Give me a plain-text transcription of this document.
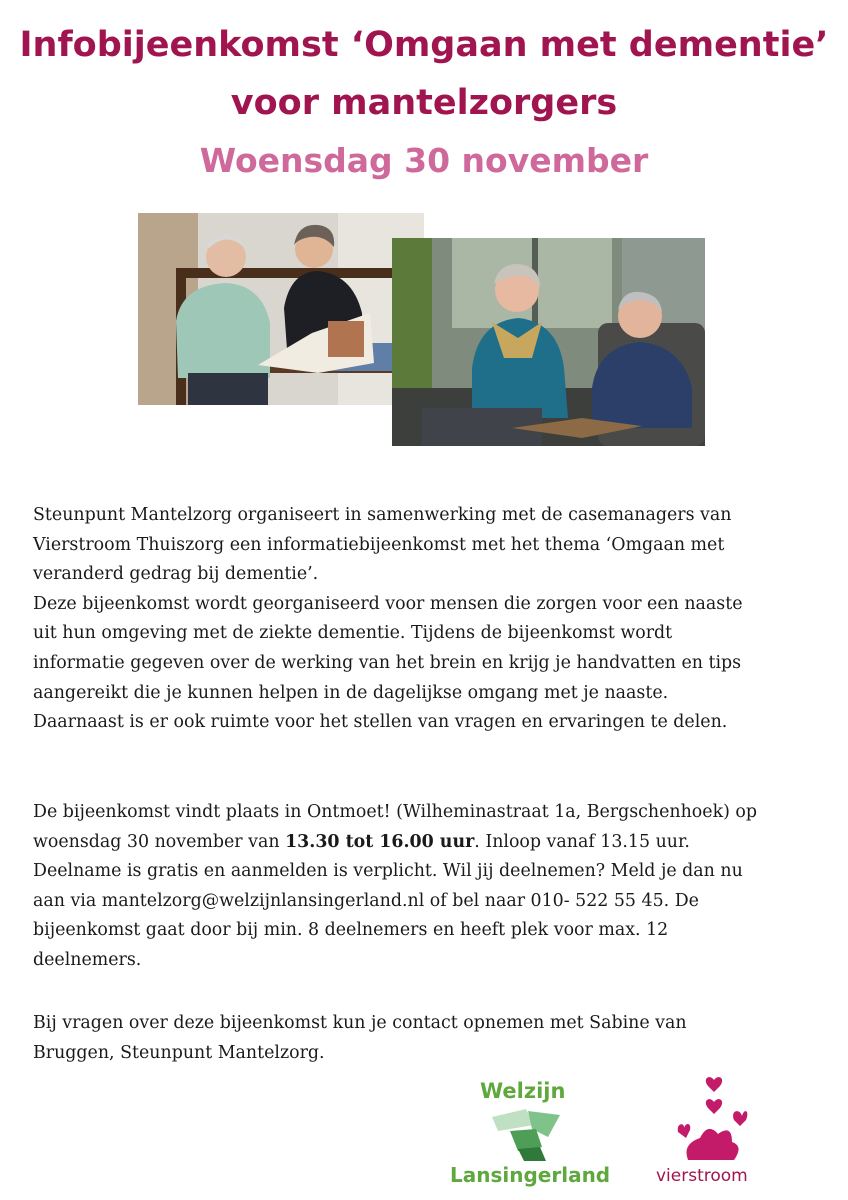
Infobijeenkomst ‘Omgaan met dementie’
voor mantelzorgers
Woensdag 30 november
Steunpunt Mantelzorg organiseert in samenwerking met de casemanagers van
Vierstroom Thuiszorg een informatiebijeenkomst met het thema ‘Omgaan met
veranderd gedrag bij dementie’.
Deze bijeenkomst wordt georganiseerd voor mensen die zorgen voor een naaste
uit hun omgeving met de ziekte dementie. Tijdens de bijeenkomst wordt
informatie gegeven over de werking van het brein en krijg je handvatten en tips
aangereikt die je kunnen helpen in de dagelijkse omgang met je naaste.
Daarnaast is er ook ruimte voor het stellen van vragen en ervaringen te delen.
De bijeenkomst vindt plaats in Ontmoet! (Wilheminastraat 1a, Bergschenhoek) op
woensdag 30 november van 13.30 tot 16.00 uur. Inloop vanaf 13.15 uur.
Deelname is gratis en aanmelden is verplicht. Wil jij deelnemen? Meld je dan nu
aan via mantelzorg@welzijnlansingerland.nl of bel naar 010- 522 55 45. De
bijeenkomst gaat door bij min. 8 deelnemers en heeft plek voor max. 12
deelnemers.
Bij vragen over deze bijeenkomst kun je contact opnemen met Sabine van
Bruggen, Steunpunt Mantelzorg.
Welzijn
Lansingerland	vierstroom
